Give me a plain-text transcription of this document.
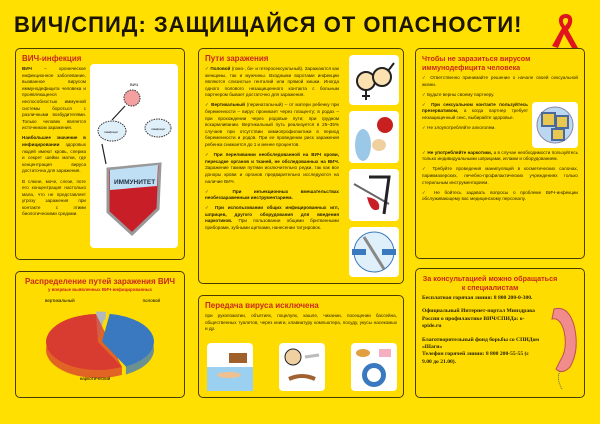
ВИЧ/СПИД: ЗАЩИЩАЙСЯ ОТ ОПАСНОСТИ!
ВИЧ-инфекция

ВИЧ – хроническое инфекционное заболевание, вызванное вирусом иммунодефицита человека и проявляющееся неспособностью иммунной системы бороться с различными возбудителями. Только человек является источником заражения.

Наибольшее значение в инфицировании здоровых людей имеют кровь, сперма и секрет шейки матки, где концентрация вируса достаточна для заражения.

В слюне, моче, слезе, поте его концентрация настолько мала, что не представляет угрозу заражения при контакте с этими биологическими средами.

ВИЧ
лимфоцит
лимфоцит
ИММУНИТЕТ
Пути заражения

✓ Половой (гомо-, би- и гетеросексуальный). Заражаются как женщины, так и мужчины. Входными воротами инфекции являются слизистые генталий или прямой кишки. Иногда одного полового незащищенного контакта с больным партнером бывает достаточно для заражения.

✓ Вертикальный (перинатальный) – от матери ребенку при беременности – вирус проникает через плаценту; в родах – при прохождении через родовые пути; при грудном вскармливании. Вертикальный путь реализуется в 25–35% случаев при отсутствии химиопрофилактики в период беременности и родов. При ее проведении риск заражения ребенка снижается до 1 и менее процентов.

✓ При переливании необследованной на ВИЧ крови, пересадке органов и тканей, не обследованных на ВИЧ. Заражение такими путями исключительно редки, так как все доноры крови и органов предварительно исследуются на наличие ВИЧ.

✓ При инъекционных вмешательствах необеззараженным инструментарием.

✓ При использовании общих инфицированных игл, шприцев, другого оборудования для введения наркотиков. При пользовании общими бритвенными приборами, зубными щетками, нанесении татуировок.

Чтобы не заразиться вирусом иммунодефицита человека

✓ Ответственно принимайте решение о начале своей сексуальной жизни.

✓ Будьте верны своему партнеру.

✓ При сексуальном контакте пользуйтесь презервативом, а когда партнер требует незащищенный секс, выбирайте здоровье.

✓ Не злоупотребляйте алкоголем.

✓ Не употребляйте наркотики, а в случае необходимости пользуйтесь только индивидуальными шприцами, иглами и оборудованием.

✓ Требуйте проведения манипуляций в косметических салонах, парикмахерских, лечебно-профилактических учреждениях только стерильным инструментарием.

✓ Не бойтесь задавать вопросы о проблеме ВИЧ-инфекции обслуживающему вас медицинскому персоналу.

Распределение путей заражения ВИЧ
у впервые выявленных ВИЧ-инфицированных
половой
наркотический
вертикальный
Передача вируса исключена
при рукопожатии, объятиях, поцелуях, кашле, чихании, посещении бассейна, общественных туалетов, через книги, клавиатуру компьютера, посуду, укусы насекомых и др.
За консультацией можно обращаться к специалистам

Бесплатная горячая линия: 8 800 200-0-300.

Официальный Интернет-портал Минздрава России о профилактике ВИЧ/СПИДа: o-spide.ru

Благотворительный фонд борьбы со СПИДом «Шаги»
Телефон горячей линии: 8 800 200-55-55 (с 9.00 до 21.00).
